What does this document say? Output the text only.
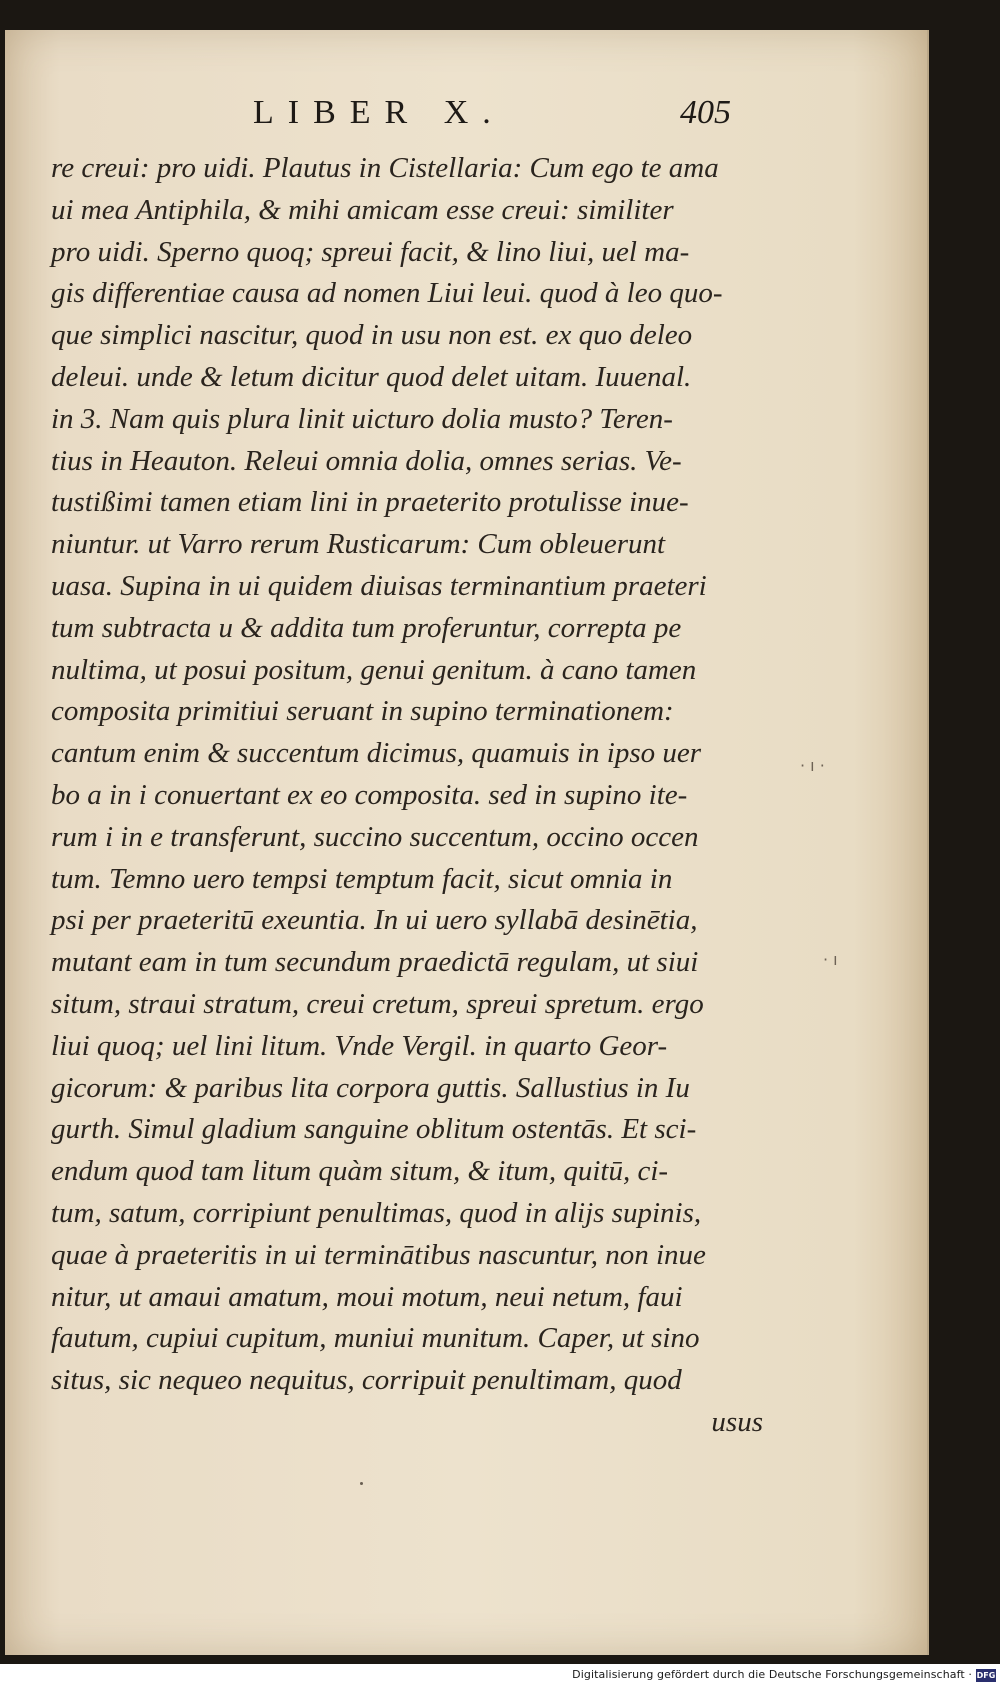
LIBER X.	405
re creui: pro uidi. Plautus in Cistellaria: Cum ego te ama
ui mea Antiphila, & mihi amicam esse creui: similiter
pro uidi. Sperno quoq; spreui facit, & lino liui, uel ma-
gis differentiae causa ad nomen Liui leui. quod à leo quo-
que simplici nascitur, quod in usu non est. ex quo deleo
deleui. unde & letum dicitur quod delet uitam. Iuuenal.
in 3. Nam quis plura linit uicturo dolia musto? Teren-
tius in Heauton. Releui omnia dolia, omnes serias. Ve-
tustißimi tamen etiam lini in praeterito protulisse inue-
niuntur. ut Varro rerum Rusticarum: Cum obleuerunt
uasa. Supina in ui quidem diuisas terminantium praeteri
tum subtracta u & addita tum proferuntur, correpta pe
nultima, ut posui positum, genui genitum. à cano tamen
composita primitiui seruant in supino terminationem:
cantum enim & succentum dicimus, quamuis in ipso uer
bo a in i conuertant ex eo composita. sed in supino ite-
rum i in e transferunt, succino succentum, occino occen
tum. Temno uero tempsi temptum facit, sicut omnia in
psi per praeteritū exeuntia. In ui uero syllabā desinētia,
mutant eam in tum secundum praedictā regulam, ut siui
situm, straui stratum, creui cretum, spreui spretum. ergo
liui quoq; uel lini litum. Vnde Vergil. in quarto Geor-
gicorum: & paribus lita corpora guttis. Sallustius in Iu
gurth. Simul gladium sanguine oblitum ostentās. Et sci-
endum quod tam litum quàm situm, & itum, quitū, ci-
tum, satum, corripiunt penultimas, quod in alijs supinis,
quae à praeteritis in ui terminātibus nascuntur, non inue
nitur, ut amaui amatum, moui motum, neui netum, faui
fautum, cupiui cupitum, muniui munitum. Caper, ut sino
situs, sic nequeo nequitus, corripuit penultimam, quod
usus
· ı ·
· ı
Digitalisierung gefördert durch die Deutsche Forschungsgemeinschaft · DFG
